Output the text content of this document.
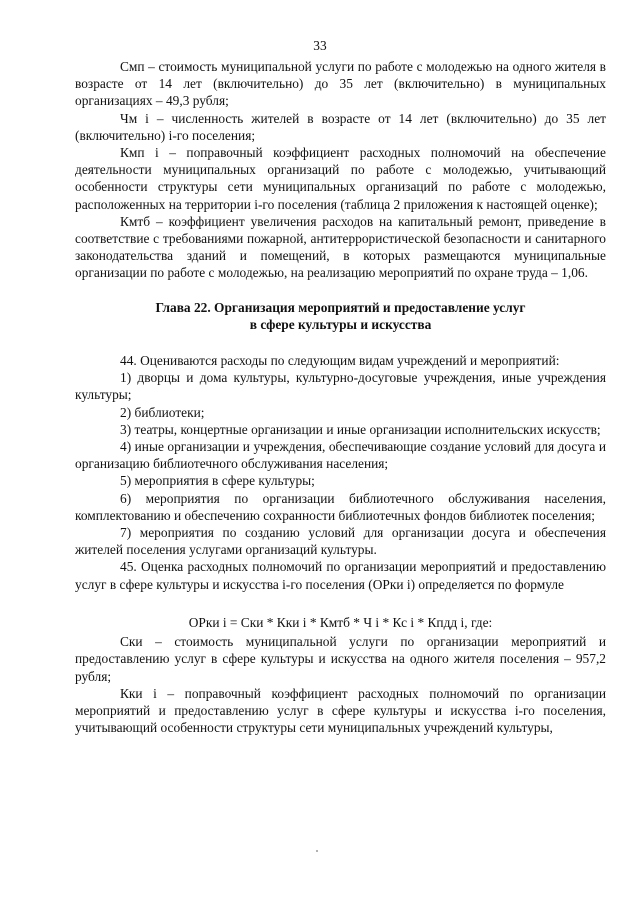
33

Смп – стоимость муниципальной услуги по работе с молодежью на одного жителя в возрасте от 14 лет (включительно) до 35 лет (включительно) в муниципальных организациях – 49,3 рубля;

Чм i – численность жителей в возрасте от 14 лет (включительно) до 35 лет (включительно) i-го поселения;

Кмп i – поправочный коэффициент расходных полномочий на обеспечение деятельности муниципальных организаций по работе с молодежью, учитывающий особенности структуры сети муниципальных организаций по работе с молодежью, расположенных на территории i-го поселения (таблица 2 приложения к настоящей оценке);

Кмтб – коэффициент увеличения расходов на капитальный ремонт, приведение в соответствие с требованиями пожарной, антитеррористической безопасности и санитарного законодательства зданий и помещений, в которых размещаются муниципальные организации по работе с молодежью, на реализацию мероприятий по охране труда – 1,06.

Глава 22. Организация мероприятий и предоставление услуг
в сфере культуры и искусства

44. Оцениваются расходы по следующим видам учреждений и мероприятий:

1) дворцы и дома культуры, культурно-досуговые учреждения, иные учреждения культуры;

2) библиотеки;

3) театры, концертные организации и иные организации исполнительских искусств;

4) иные организации и учреждения, обеспечивающие создание условий для досуга и организацию библиотечного обслуживания населения;

5) мероприятия в сфере культуры;

6) мероприятия по организации библиотечного обслуживания населения, комплектованию и обеспечению сохранности библиотечных фондов библиотек поселения;

7) мероприятия по созданию условий для организации досуга и обеспечения жителей поселения услугами организаций культуры.

45. Оценка расходных полномочий по организации мероприятий и предоставлению услуг в сфере культуры и искусства i-го поселения (ОРки i) определяется по формуле

ОРки i = Ски * Кки i * Кмтб * Ч i * Кс i * Кпдд i, где:

Ски – стоимость муниципальной услуги по организации мероприятий и предоставлению услуг в сфере культуры и искусства на одного жителя поселения – 957,2 рубля;

Кки i – поправочный коэффициент расходных полномочий по организации мероприятий и предоставлению услуг в сфере культуры и искусства i-го поселения, учитывающий особенности структуры сети муниципальных учреждений культуры,
